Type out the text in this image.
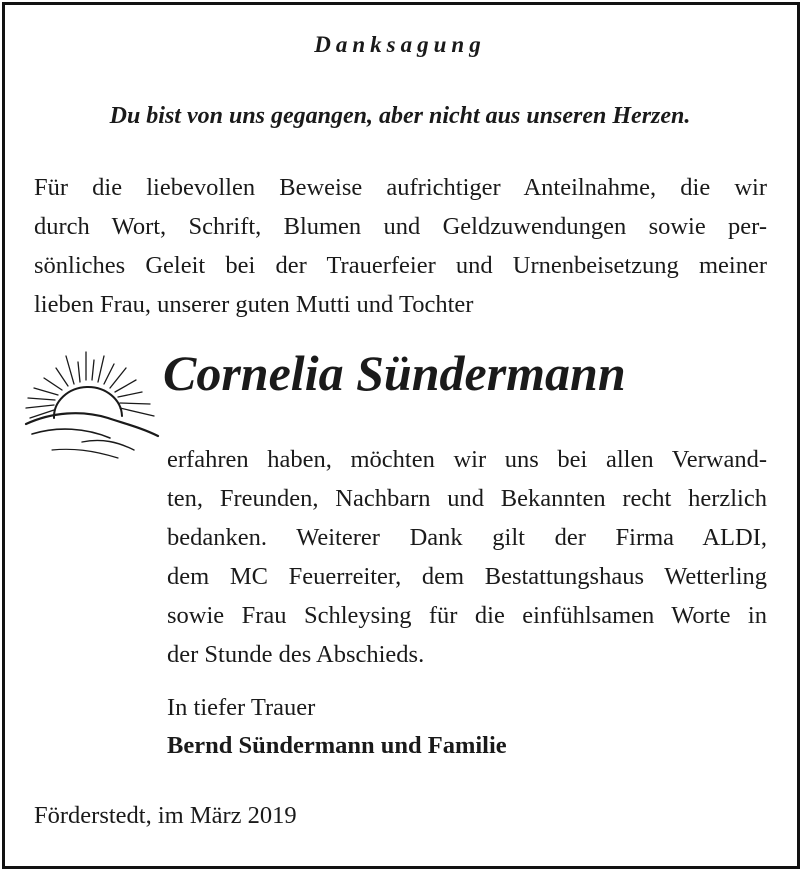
Danksagung
Du bist von uns gegangen, aber nicht aus unseren Herzen.

Für die liebevollen Beweise aufrichtiger Anteilnahme, die wir

durch Wort, Schrift, Blumen und Geldzuwendungen sowie per-

sönliches Geleit bei der Trauerfeier und Urnenbeisetzung meiner

lieben Frau, unserer guten Mutti und Tochter

Cornelia Sündermann

erfahren haben, möchten wir uns bei allen Verwand-

ten, Freunden, Nachbarn und Bekannten recht herzlich

bedanken. Weiterer Dank gilt der Firma ALDI,

dem MC Feuerreiter, dem Bestattungshaus Wetterling

sowie Frau Schleysing für die einfühlsamen Worte in

der Stunde des Abschieds.

In tiefer Trauer
Bernd Sündermann und Familie
Förderstedt, im März 2019
